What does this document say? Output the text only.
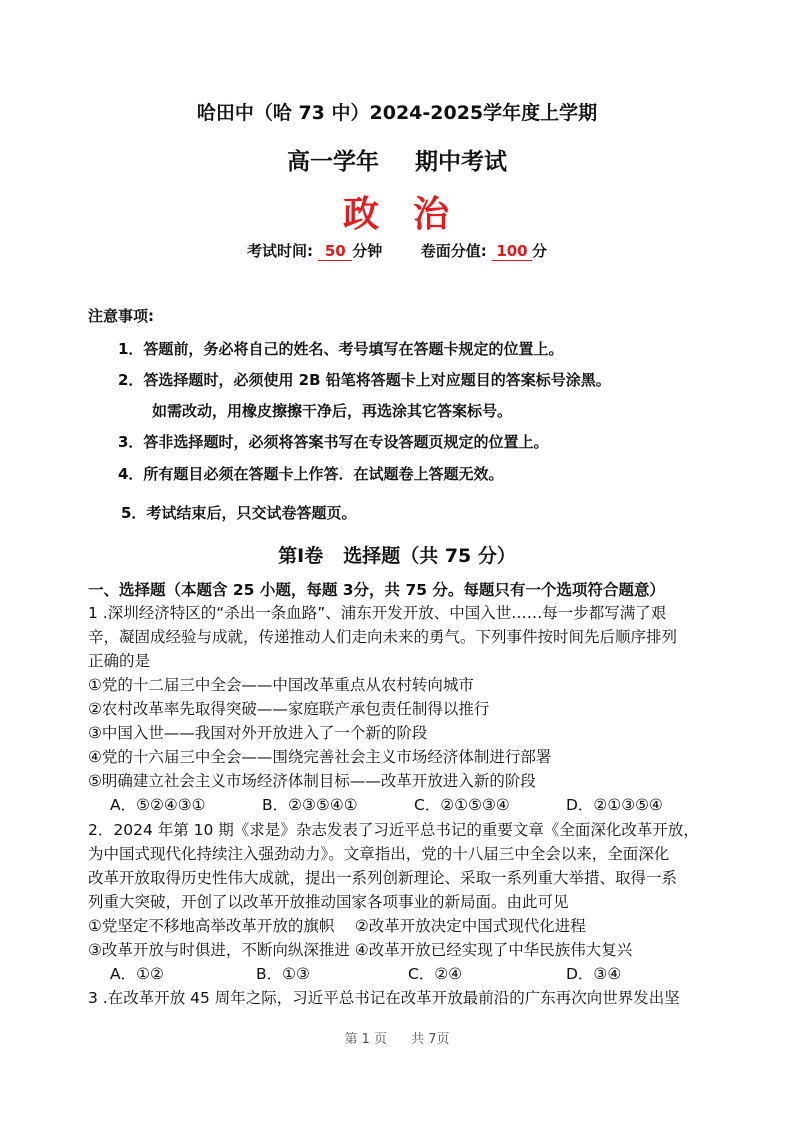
哈田中（哈 73 中）2024-2025学年度上学期
高一学年 期中考试
政 治
考试时间: 50 分钟	卷面分值: 100 分
注意事项:
1．答题前，务必将自己的姓名、考号填写在答题卡规定的位置上。
2．答选择题时，必须使用 2B 铅笔将答题卡上对应题目的答案标号涂黑。
如需改动，用橡皮擦擦干净后，再选涂其它答案标号。
3．答非选择题时，必须将答案书写在专设答题页规定的位置上。
4．所有题目必须在答题卡上作答．在试题卷上答题无效。
5．考试结束后，只交试卷答题页。
第Ⅰ卷 选择题（共 75 分）
一、选择题（本题含 25 小题，每题 3分，共 75 分。每题只有一个选项符合题意）
1 .深圳经济特区的“杀出一条血路”、浦东开发开放、中国入世……每一步都写满了艰
辛，凝固成经验与成就，传递推动人们走向未来的勇气。下列事件按时间先后顺序排列
正确的是
①党的十二届三中全会——中国改革重点从农村转向城市
②农村改革率先取得突破——家庭联产承包责任制得以推行
③中国入世——我国对外开放进入了一个新的阶段
④党的十六届三中全会——围绕完善社会主义市场经济体制进行部署
⑤明确建立社会主义市场经济体制目标——改革开放进入新的阶段
A．⑤②④③①	B．②③⑤④①	C．②①⑤③④	D．②①③⑤④
2．2024 年第 10 期《求是》杂志发表了习近平总书记的重要文章《全面深化改革开放，
为中国式现代化持续注入强劲动力》。文章指出，党的十八届三中全会以来，全面深化
改革开放取得历史性伟大成就，提出一系列创新理论、采取一系列重大举措、取得一系
列重大突破，开创了以改革开放推动国家各项事业的新局面。由此可见
①党坚定不移地高举改革开放的旗帜　 ②改革开放决定中国式现代化进程
③改革开放与时俱进，不断向纵深推进 ④改革开放已经实现了中华民族伟大复兴
A．①②	B．①③	C．②④	D．③④
3 .在改革开放 45 周年之际，习近平总书记在改革开放最前沿的广东再次向世界发出坚
第 1 页 共 7页
